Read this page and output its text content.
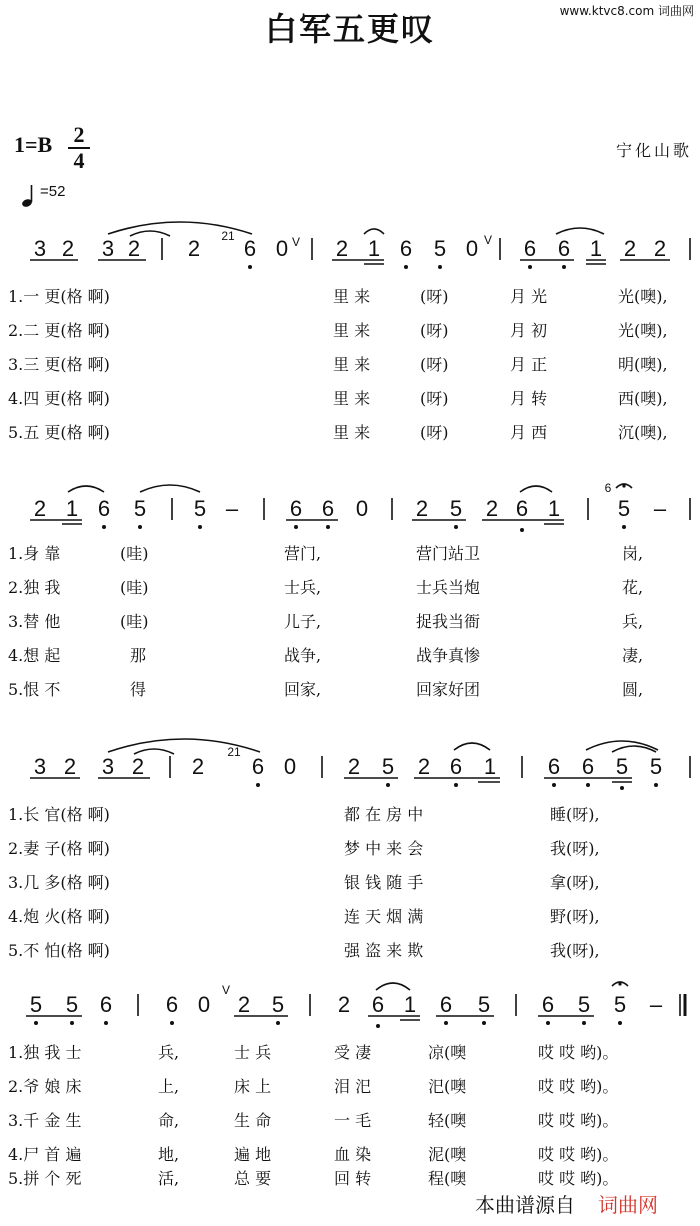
www.ktvc8.com 词曲网
白军五更叹
1=B 2
4	宁化山歌
=52
3 2 3 2 2 6 0 2 1 6 5 0 6 6 1 2 2
21	V	V
1.一 更(格 啊)	里 来	(呀)	月 光	光(噢),
2.二 更(格 啊)	里 来	(呀)	月 初	光(噢),
3.三 更(格 啊)	里 来	(呀)	月 正	明(噢),
4.四 更(格 啊)	里 来	(呀)	月 转	西(噢),
5.五 更(格 啊)	里 来	(呀)	月 西	沉(噢),
2 1 6 5 5 – 6 6 0 2 5 2 6 1	5 –
6
1.身 靠	(哇)	营门,	营门站卫	岗,
2.独 我	(哇)	士兵,	士兵当炮	花,
3.替 他	(哇)	儿子,	捉我当衙	兵,
4.想 起	那	战争,	战争真惨	凄,
5.恨 不	得	回家,	回家好团	圆,
3 2 3 2 2 6 0 2 5 2 6 1 6 6 5 5
21
1.长 官(格 啊)	都 在 房 中	睡(呀),
2.妻 子(格 啊)	梦 中 来 会	我(呀),
3.几 多(格 啊)	银 钱 随 手	拿(呀),
4.炮 火(格 啊)	连 天 烟 满	野(呀),
5.不 怕(格 啊)	强 盗 来 欺	我(呀),
5 5 6 6 0 2 5 2 6 1 6 5 6 5 5 –
V
1.独 我 士	兵,	士 兵	受 凄	凉(噢	哎 哎 哟)。
2.爷 娘 床	上,	床 上	泪 汜	汜(噢	哎 哎 哟)。
3.千 金 生	命,	生 命	一 毛	轻(噢	哎 哎 哟)。
4.尸 首 遍	地,	遍 地	血 染	泥(噢	哎 哎 哟)。
5.拼 个 死	活,	总 要	回 转	程(噢	哎 哎 哟)。
本曲谱源自 词曲网
